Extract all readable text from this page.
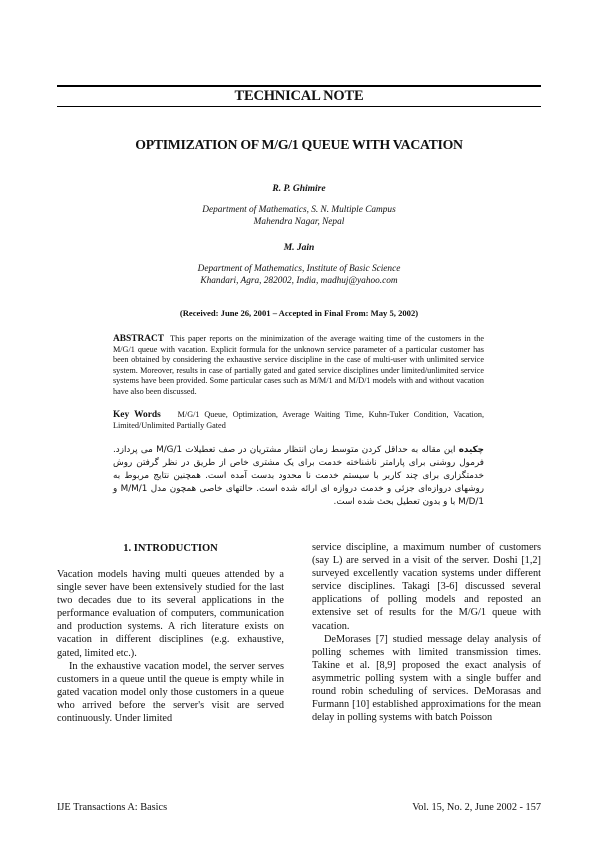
TECHNICAL NOTE
OPTIMIZATION OF M/G/1 QUEUE WITH VACATION
R. P. Ghimire
Department of Mathematics, S. N. Multiple Campus
Mahendra Nagar, Nepal
M. Jain
Department of Mathematics, Institute of Basic Science
Khandari, Agra, 282002, India, madhuj@yahoo.com
(Received: June 26, 2001 – Accepted in Final From: May 5, 2002)
ABSTRACT This paper reports on the minimization of the average waiting time of the customers in the M/G/1 queue with vacation. Explicit formula for the unknown service parameter of a particular customer has been obtained by considering the exhaustive service discipline in the case of multi-user with unlimited service system. Moreover, results in case of partially gated and gated service disciplines under limited/unlimited service systems have been provided. Some particular cases such as M/M/1 and M/D/1 models with and without vacation have also been discussed.
Key Words M/G/1 Queue, Optimization, Average Waiting Time, Kuhn-Tuker Condition, Vacation, Limited/Unlimited Partially Gated
چکیده این مقاله به حداقل کردن متوسط زمان انتظار مشتریان در صف تعطیلات M/G/1 می پردازد. فرمول روشنی برای پارامتر ناشناخته خدمت برای یک مشتری خاص از طریق در نظر گرفتن روش خدمتگزاری برای چند کاربر با سیستم خدمت نا محدود بدست آمده است. همچنین نتایج مربوط به روشهای دروازه‌ای جزئی و خدمت دروازه ای ارائه شده است. حالتهای خاصی همچون مدل M/M/1 و M/D/1 با و بدون تعطیل بحث شده است.
1. INTRODUCTION

Vacation models having multi queues attended by a single sever have been extensively studied for the last two decades due to its several applications in the performance evaluation of computers, communication and production systems. A rich literature exists on vacation in different disciplines (e.g. exhaustive, gated, limited etc.).

In the exhaustive vacation model, the server serves customers in a queue until the queue is empty while in gated vacation model only those customers in a queue who arrived before the server's visit are served continuously. Under limited

service discipline, a maximum number of customers (say L) are served in a visit of the server. Doshi [1,2] surveyed excellently vacation systems under different service disciplines. Takagi [3-6] discussed several applications of polling models and reposted an extensive set of results for the M/G/1 queue with vacation.

DeMorases [7] studied message delay analysis of polling schemes with limited transmission times. Takine et al. [8,9] proposed the exact analysis of asymmetric polling system with a single buffer and round robin scheduling of services. DeMorasas and Furmann [10] established approximations for the mean delay in polling systems with batch Poisson

IJE Transactions A: Basics	Vol. 15, No. 2, June 2002 - 157
